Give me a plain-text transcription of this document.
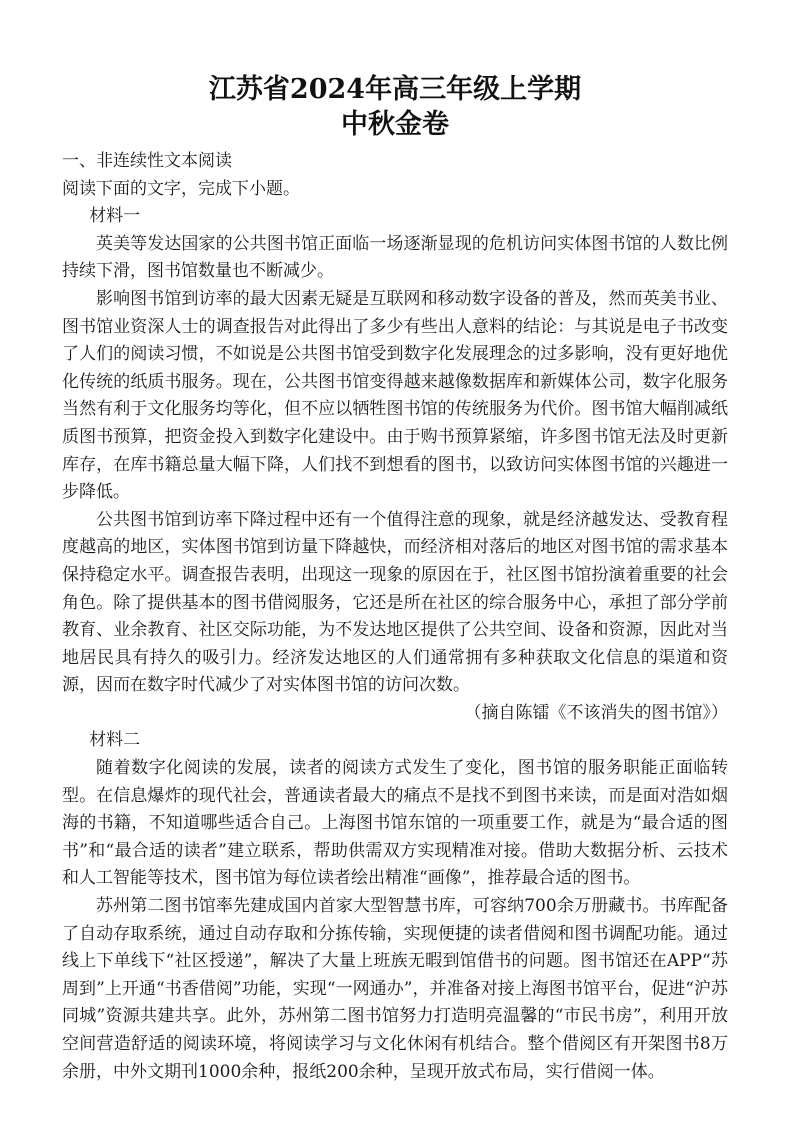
江苏省2024年高三年级上学期
中秋金卷

一、非连续性文本阅读

阅读下面的文字，完成下小题。

材料一

英美等发达国家的公共图书馆正面临一场逐渐显现的危机访问实体图书馆的人数比例持续下滑，图书馆数量也不断减少。

影响图书馆到访率的最大因素无疑是互联网和移动数字设备的普及，然而英美书业、图书馆业资深人士的调查报告对此得出了多少有些出人意料的结论：与其说是电子书改变了人们的阅读习惯，不如说是公共图书馆受到数字化发展理念的过多影响，没有更好地优化传统的纸质书服务。现在，公共图书馆变得越来越像数据库和新媒体公司，数字化服务当然有利于文化服务均等化，但不应以牺牲图书馆的传统服务为代价。图书馆大幅削减纸质图书预算，把资金投入到数字化建设中。由于购书预算紧缩，许多图书馆无法及时更新库存，在库书籍总量大幅下降，人们找不到想看的图书，以致访问实体图书馆的兴趣进一步降低。

公共图书馆到访率下降过程中还有一个值得注意的现象，就是经济越发达、受教育程度越高的地区，实体图书馆到访量下降越快，而经济相对落后的地区对图书馆的需求基本保持稳定水平。调查报告表明，出现这一现象的原因在于，社区图书馆扮演着重要的社会角色。除了提供基本的图书借阅服务，它还是所在社区的综合服务中心，承担了部分学前教育、业余教育、社区交际功能，为不发达地区提供了公共空间、设备和资源，因此对当地居民具有持久的吸引力。经济发达地区的人们通常拥有多种获取文化信息的渠道和资源，因而在数字时代减少了对实体图书馆的访问次数。

（摘自陈镭《不该消失的图书馆》）

材料二

随着数字化阅读的发展，读者的阅读方式发生了变化，图书馆的服务职能正面临转型。在信息爆炸的现代社会，普通读者最大的痛点不是找不到图书来读，而是面对浩如烟海的书籍，不知道哪些适合自己。上海图书馆东馆的一项重要工作，就是为“最合适的图书”和“最合适的读者”建立联系，帮助供需双方实现精准对接。借助大数据分析、云技术和人工智能等技术，图书馆为每位读者绘出精准“画像”，推荐最合适的图书。

苏州第二图书馆率先建成国内首家大型智慧书库，可容纳700余万册藏书。书库配备了自动存取系统，通过自动存取和分拣传输，实现便捷的读者借阅和图书调配功能。通过线上下单线下“社区授递”，解决了大量上班族无暇到馆借书的问题。图书馆还在APP“苏周到”上开通“书香借阅”功能，实现“一网通办”，并准备对接上海图书馆平台，促进“沪苏同城”资源共建共享。此外，苏州第二图书馆努力打造明亮温馨的“市民书房”，利用开放空间营造舒适的阅读环境，将阅读学习与文化休闲有机结合。整个借阅区有开架图书8万余册，中外文期刊1000余种，报纸200余种，呈现开放式布局，实行借阅一体。
